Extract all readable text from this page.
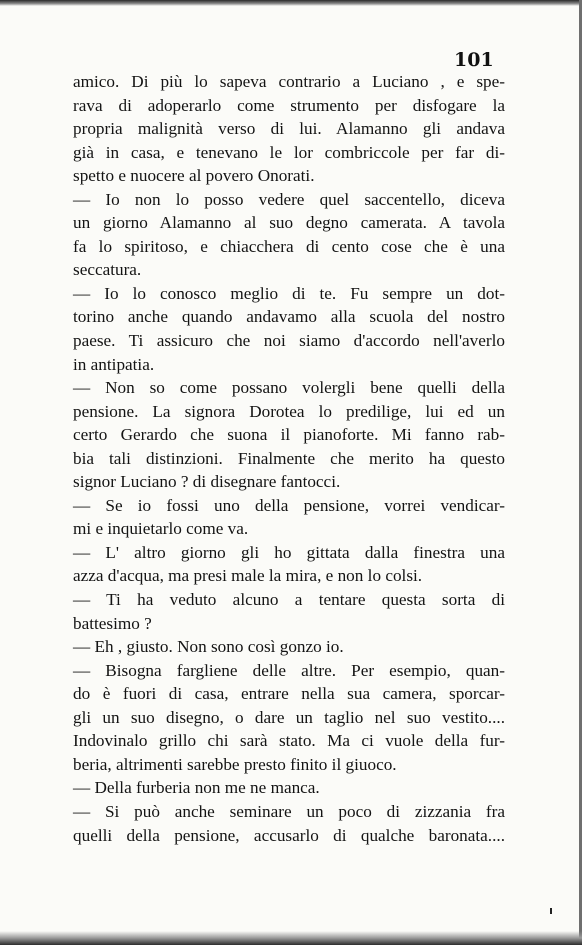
101
amico. Di più lo sapeva contrario a Luciano , e spe-
rava di adoperarlo come strumento per disfogare la
propria malignità verso di lui. Alamanno gli andava
già in casa, e tenevano le lor combriccole per far di-
spetto e nuocere al povero Onorati.
— Io non lo posso vedere quel saccentello, diceva
un giorno Alamanno al suo degno camerata. A tavola
fa lo spiritoso, e chiacchera di cento cose che è una
seccatura.
— Io lo conosco meglio di te. Fu sempre un dot-
torino anche quando andavamo alla scuola del nostro
paese. Ti assicuro che noi siamo d'accordo nell'averlo
in antipatia.
— Non so come possano volergli bene quelli della
pensione. La signora Dorotea lo predilige, lui ed un
certo Gerardo che suona il pianoforte. Mi fanno rab-
bia tali distinzioni. Finalmente che merito ha questo
signor Luciano ? di disegnare fantocci.
— Se io fossi uno della pensione, vorrei vendicar-
mi e inquietarlo come va.
— L' altro giorno gli ho gittata dalla finestra una
azza d'acqua, ma presi male la mira, e non lo colsi.
— Ti ha veduto alcuno a tentare questa sorta di
battesimo ?
— Eh , giusto. Non sono così gonzo io.
— Bisogna fargliene delle altre. Per esempio, quan-
do è fuori di casa, entrare nella sua camera, sporcar-
gli un suo disegno, o dare un taglio nel suo vestito....
Indovinalo grillo chi sarà stato. Ma ci vuole della fur-
beria, altrimenti sarebbe presto finito il giuoco.
— Della furberia non me ne manca.
— Si può anche seminare un poco di zizzania fra
quelli della pensione, accusarlo di qualche baronata....
